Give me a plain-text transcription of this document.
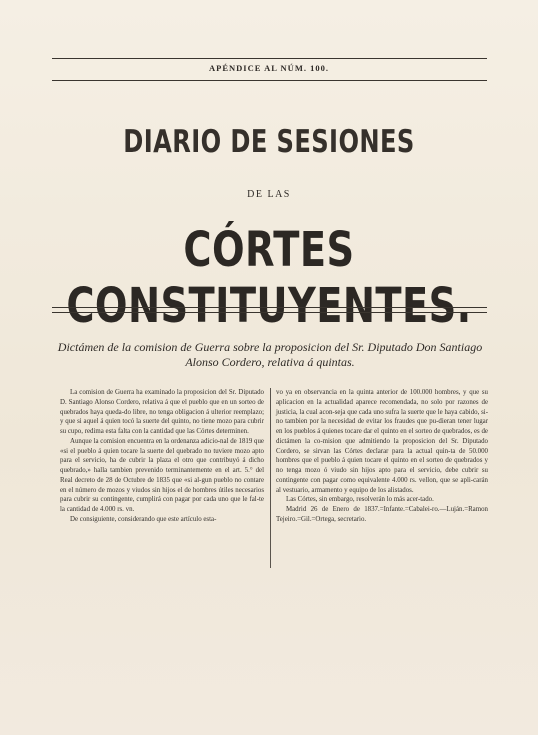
APÉNDICE AL NÚM. 100.
DIARIO DE SESIONES
DE LAS
CÓRTES CONSTITUYENTES.
Dictámen de la comision de Guerra sobre la proposicion del Sr. Diputado Don Santiago Alonso Cordero, relativa á quintas.

La comision de Guerra ha examinado la proposicion del Sr. Diputado D. Santiago Alonso Cordero, relativa á que el pueblo que en un sorteo de quebrados haya queda-do libre, no tenga obligacion á ulterior reemplazo; y que si aquel á quien tocó la suerte del quinto, no tiene mozo para cubrir su cupo, redima esta falta con la cantidad que las Córtes determinen.

Aunque la comision encuentra en la ordenanza adicio-nal de 1819 que «si el pueblo á quien tocare la suerte del quebrado no tuviere mozo apto para el servicio, ha de cubrir la plaza el otro que contribuyó á dicho quebrado,» halla tambien prevenido terminantemente en el art. 5.° del Real decreto de 28 de Octubre de 1835 que «si al-gun pueblo no contare en el número de mozos y viudos sin hijos el de hombres útiles necesarios para cubrir su contingente, cumplirá con pagar por cada uno que le fal-te la cantidad de 4.000 rs. vn.

De consiguiente, considerando que este artículo esta-

vo ya en observancia en la quinta anterior de 100.000 hombres, y que su aplicacion en la actualidad aparece recomendada, no solo por razones de justicia, la cual acon-seja que cada uno sufra la suerte que le haya cabido, si-no tambien por la necesidad de evitar los fraudes que pu-dieran tener lugar en los pueblos á quienes tocare dar el quinto en el sorteo de quebrados, es de dictámen la co-mision que admitiendo la proposicion del Sr. Diputado Cordero, se sirvan las Córtes declarar para la actual quin-ta de 50.000 hombres que el pueblo á quien tocare el quinto en el sorteo de quebrados y no tenga mozo ó viudo sin hijos apto para el servicio, debe cubrir su contingente con pagar como equivalente 4.000 rs. vellon, que se apli-carán al vestuario, armamento y equipo de los alistados.

Las Córtes, sin embargo, resolverán lo más acer-tado.

Madrid 26 de Enero de 1837.=Infante.=Cabalei-ro.—Luján.=Ramon Tejeiro.=Gil.=Ortega, secretario.
